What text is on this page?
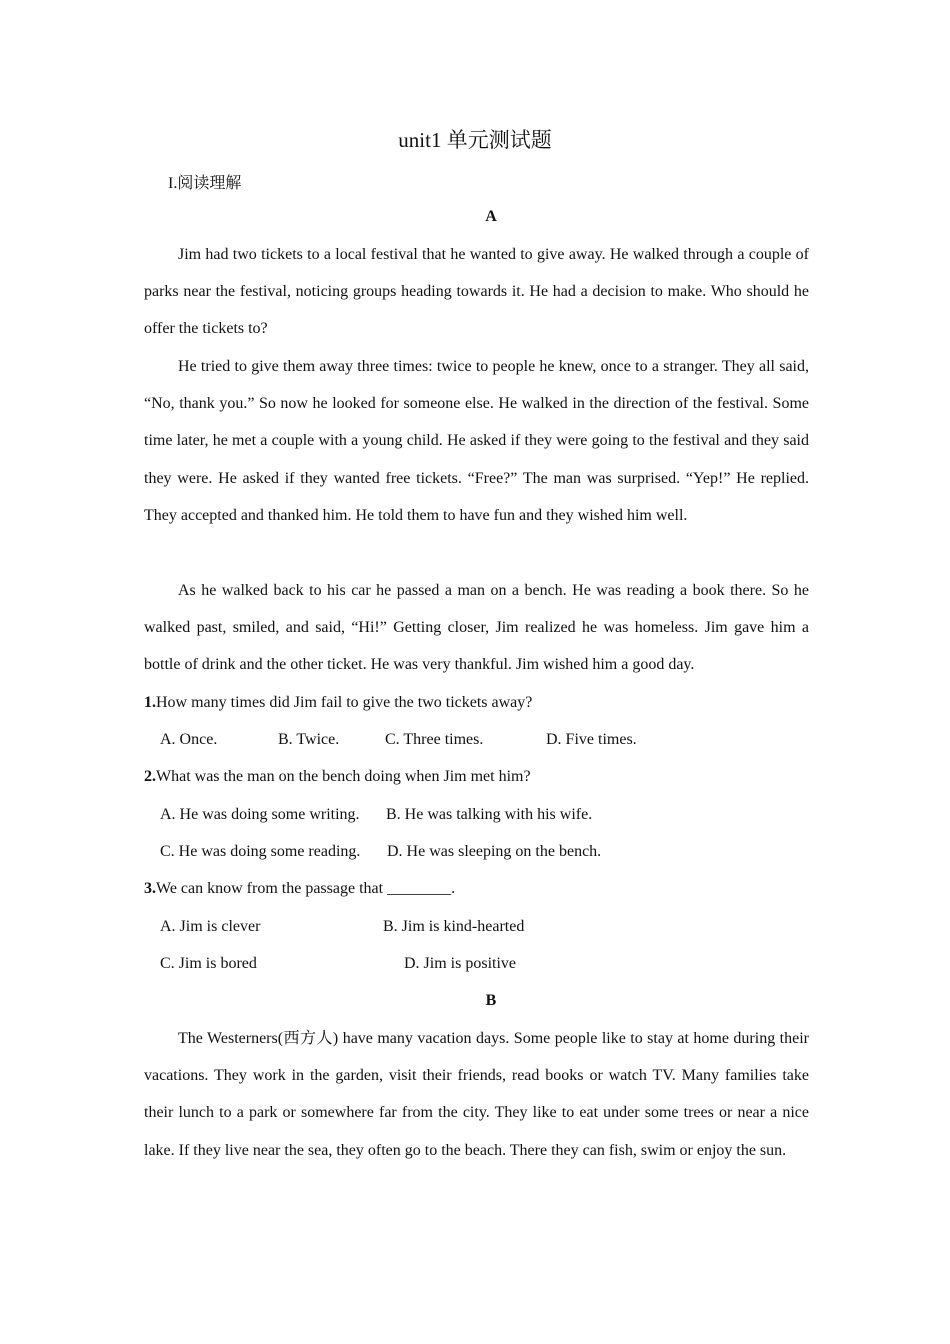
unit1 单元测试题
I.阅读理解
A

Jim had two tickets to a local festival that he wanted to give away. He walked through a couple of parks near the festival, noticing groups heading towards it. He had a decision to make. Who should he offer the tickets to?

He tried to give them away three times: twice to people he knew, once to a stranger. They all said, “No, thank you.” So now he looked for someone else. He walked in the direction of the festival. Some time later, he met a couple with a young child. He asked if they were going to the festival and they said they were. He asked if they wanted free tickets. “Free?” The man was surprised. “Yep!” He replied. They accepted and thanked him. He told them to have fun and they wished him well.

As he walked back to his car he passed a man on a bench. He was reading a book there. So he walked past, smiled, and said, “Hi!” Getting closer, Jim realized he was homeless. Jim gave him a bottle of drink and the other ticket. He was very thankful. Jim wished him a good day.

1.How many times did Jim fail to give the two tickets away?
A. Once.	B. Twice.	C. Three times.	D. Five times.
2.What was the man on the bench doing when Jim met him?
A. He was doing some writing. B. He was talking with his wife.
C. He was doing some reading. D. He was sleeping on the bench.
3.We can know from the passage that ________.
A. Jim is clever	B. Jim is kind-hearted
C. Jim is bored	D. Jim is positive
B

The Westerners(西方人) have many vacation days. Some people like to stay at home during their vacations. They work in the garden, visit their friends, read books or watch TV. Many families take their lunch to a park or somewhere far from the city. They like to eat under some trees or near a nice lake. If they live near the sea, they often go to the beach. There they can fish, swim or enjoy the sun.
